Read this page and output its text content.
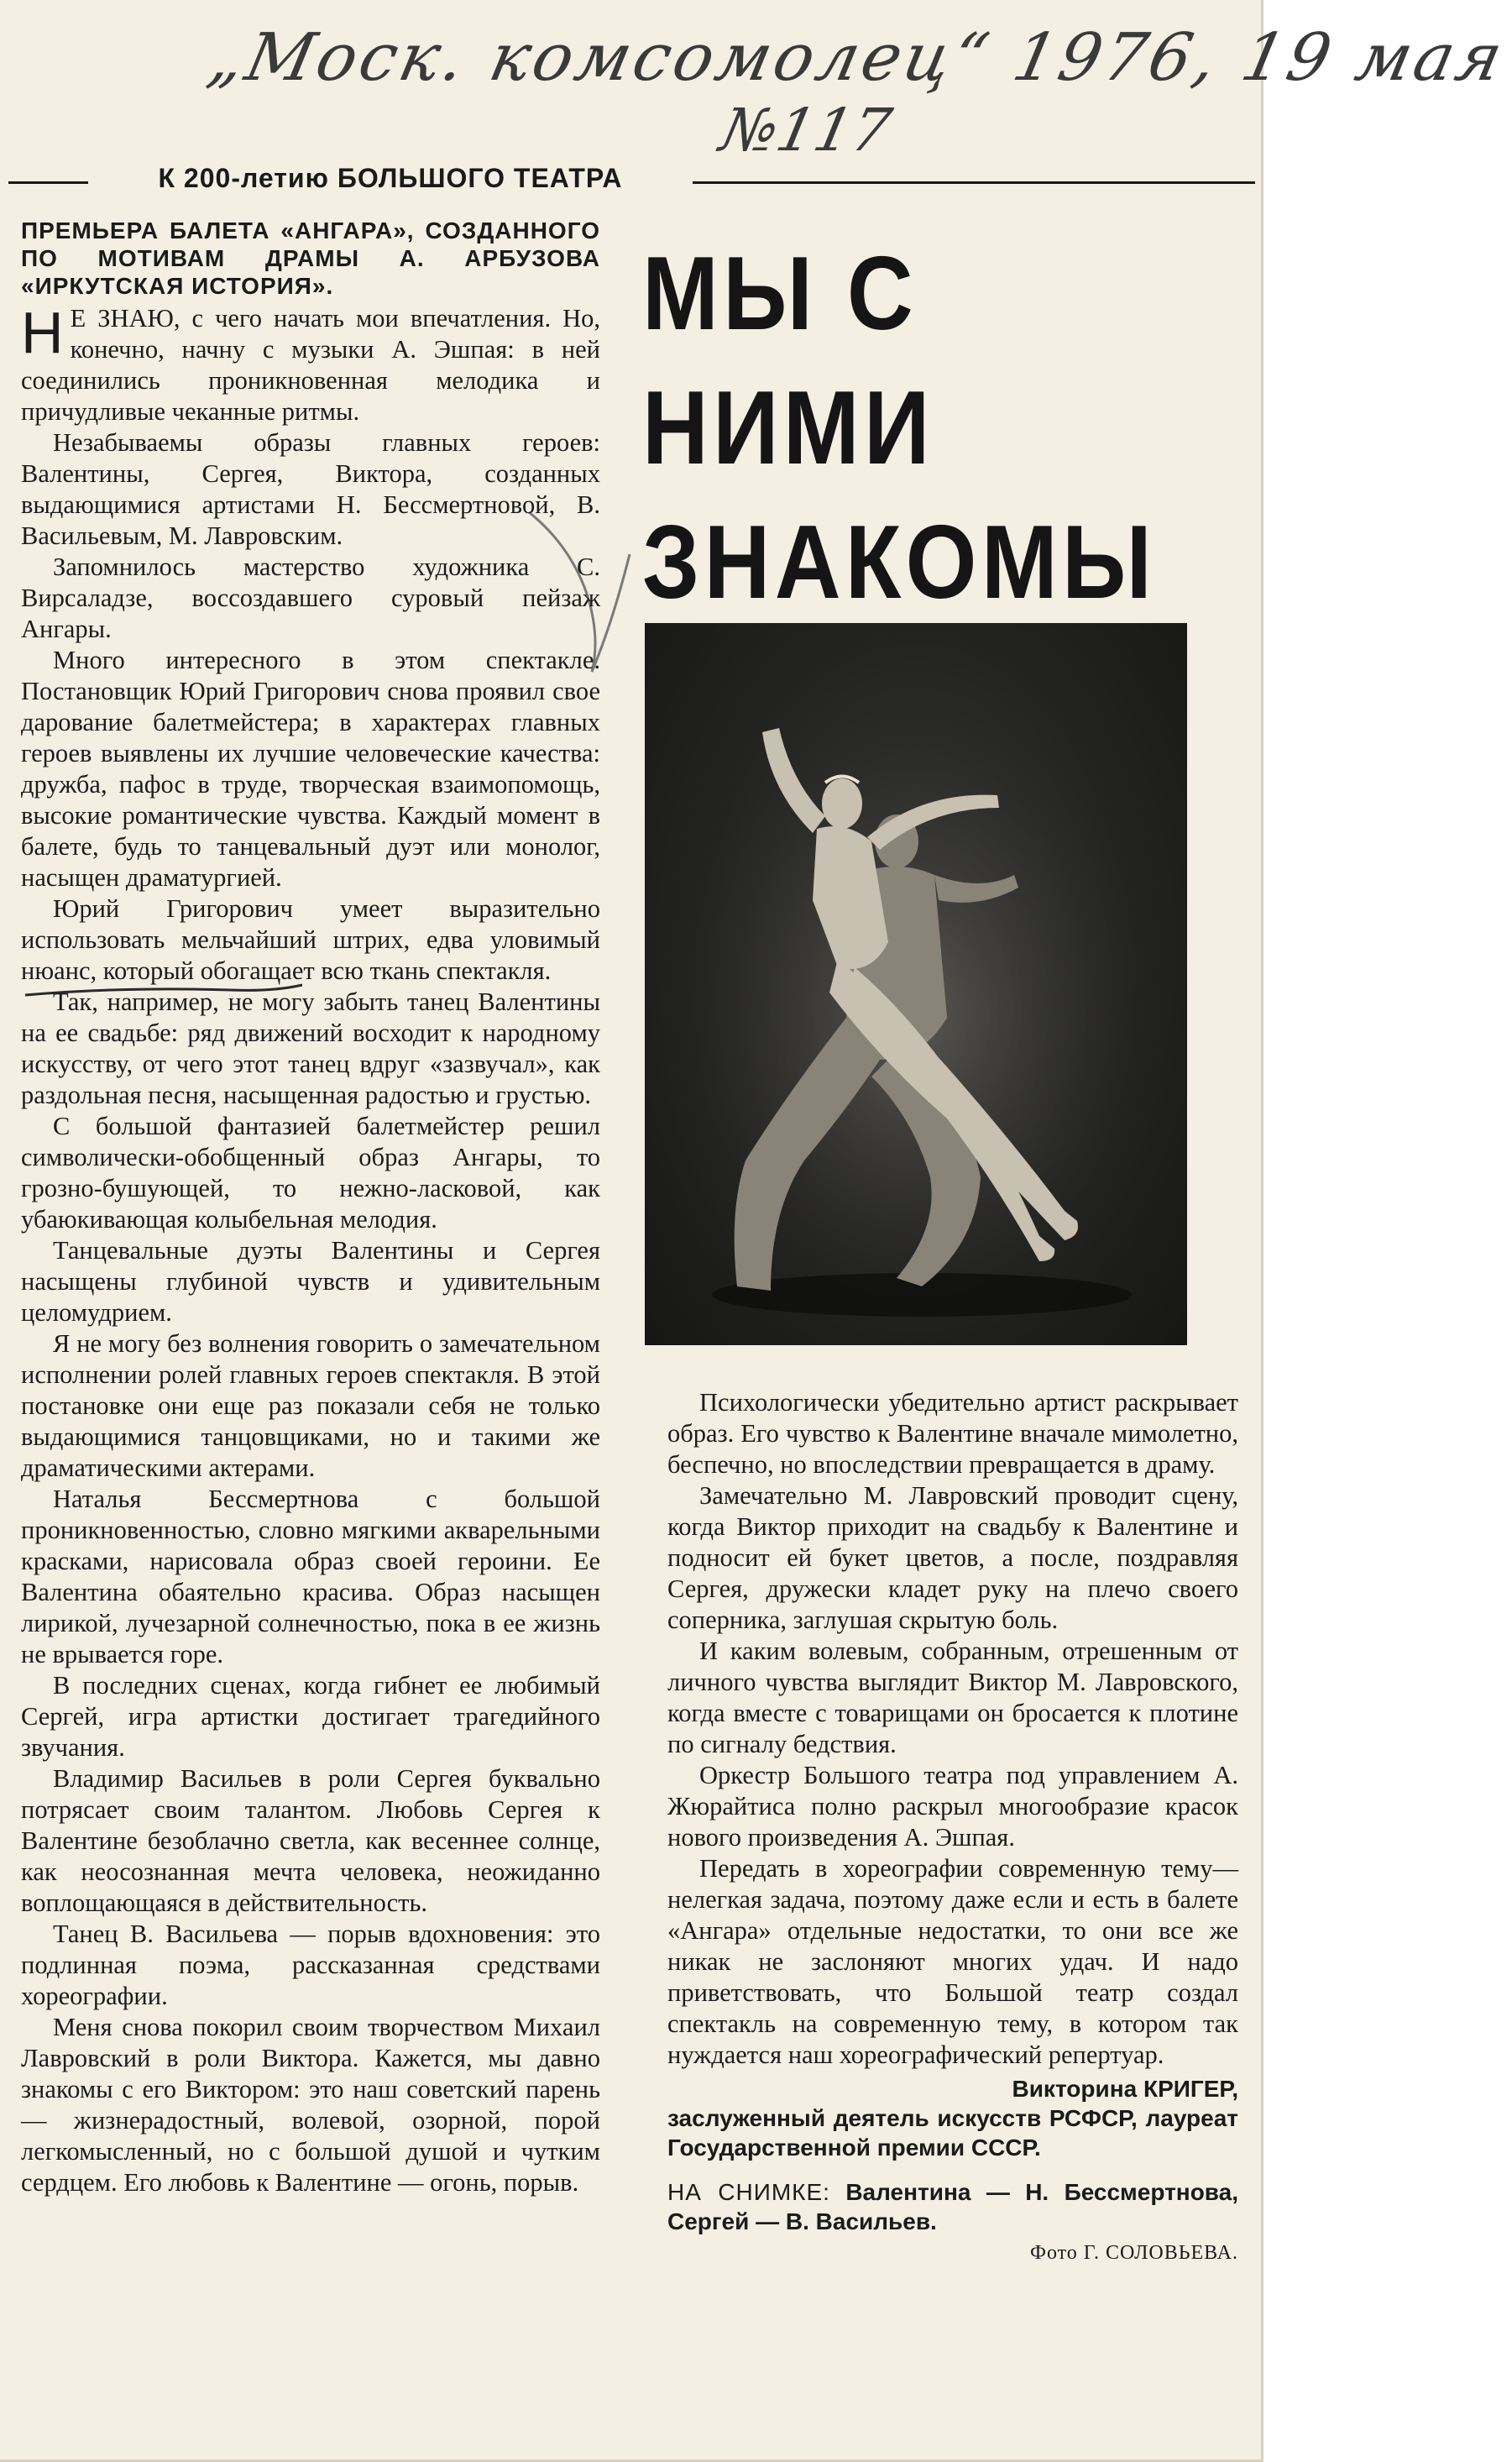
„Моск. комсомолец“ 1976, 19 мая
№117
К 200-летию БОЛЬШОГО ТЕАТРА
МЫ С НИМИ ЗНАКОМЫ
ПРЕМЬЕРА БАЛЕТА «АНГАРА», СОЗДАННОГО ПО МОТИВАМ ДРАМЫ А. АРБУЗОВА «ИРКУТСКАЯ ИСТОРИЯ».

Н Е ЗНАЮ, с чего начать мои впечатления. Но, конечно, начну с музыки А. Эшпая: в ней соединились проникновенная мелодика и причудливые чеканные ритмы.

Незабываемы образы главных героев: Валентины, Сергея, Виктора, созданных выдающимися артистами Н. Бессмертновой, В. Васильевым, М. Лавровским.

Запомнилось мастерство художника С. Вирсаладзе, воссоздавшего суровый пейзаж Ангары.

Много интересного в этом спектакле. Постановщик Юрий Григорович снова проявил свое дарование балетмейстера; в характерах главных героев выявлены их лучшие человеческие качества: дружба, пафос в труде, творческая взаимопомощь, высокие романтические чувства. Каждый момент в балете, будь то танцевальный дуэт или монолог, насыщен драматургией.

Юрий Григорович умеет выразительно использовать мельчайший штрих, едва уловимый нюанс, который обогащает всю ткань спектакля.

Так, например, не могу забыть танец Валентины на ее свадьбе: ряд движений восходит к народному искусству, от чего этот танец вдруг «зазвучал», как раздольная песня, насыщенная радостью и грустью.

С большой фантазией балетмейстер решил символически-обобщенный образ Ангары, то грозно-бушующей, то нежно-ласковой, как убаюкивающая колыбельная мелодия.

Танцевальные дуэты Валентины и Сергея насыщены глубиной чувств и удивительным целомудрием.

Я не могу без волнения говорить о замечательном исполнении ролей главных героев спектакля. В этой постановке они еще раз показали себя не только выдающимися танцовщиками, но и такими же драматическими актерами.

Наталья Бессмертнова с большой проникновенностью, словно мягкими акварельными красками, нарисовала образ своей героини. Ее Валентина обаятельно красива. Образ насыщен лирикой, лучезарной солнечностью, пока в ее жизнь не врывается горе.

В последних сценах, когда гибнет ее любимый Сергей, игра артистки достигает трагедийного звучания.

Владимир Васильев в роли Сергея буквально потрясает своим талантом. Любовь Сергея к Валентине безоблачно светла, как весеннее солнце, как неосознанная мечта человека, неожиданно воплощающаяся в действительность.

Танец В. Васильева — порыв вдохновения: это подлинная поэма, рассказанная средствами хореографии.

Меня снова покорил своим творчеством Михаил Лавровский в роли Виктора. Кажется, мы давно знакомы с его Виктором: это наш советский парень — жизнерадостный, волевой, озорной, порой легкомысленный, но с большой душой и чутким сердцем. Его любовь к Валентине — огонь, порыв.

Психологически убедительно артист раскрывает образ. Его чувство к Валентине вначале мимолетно, беспечно, но впоследствии превращается в драму.

Замечательно М. Лавровский проводит сцену, когда Виктор приходит на свадьбу к Валентине и подносит ей букет цветов, а после, поздравляя Сергея, дружески кладет руку на плечо своего соперника, заглушая скрытую боль.

И каким волевым, собранным, отрешенным от личного чувства выглядит Виктор М. Лавровского, когда вместе с товарищами он бросается к плотине по сигналу бедствия.

Оркестр Большого театра под управлением А. Жюрайтиса полно раскрыл многообразие красок нового произведения А. Эшпая.

Передать в хореографии современную тему—нелегкая задача, поэтому даже если и есть в балете «Ангара» отдельные недостатки, то они все же никак не заслоняют многих удач. И надо приветствовать, что Большой театр создал спектакль на современную тему, в котором так нуждается наш хореографический репертуар.

Викторина КРИГЕР,
заслуженный деятель искусств РСФСР, лауреат Государственной премии СССР.
НА СНИМКЕ: Валентина — Н. Бессмертнова, Сергей — В. Васильев.
Фото Г. СОЛОВЬЕВА.
